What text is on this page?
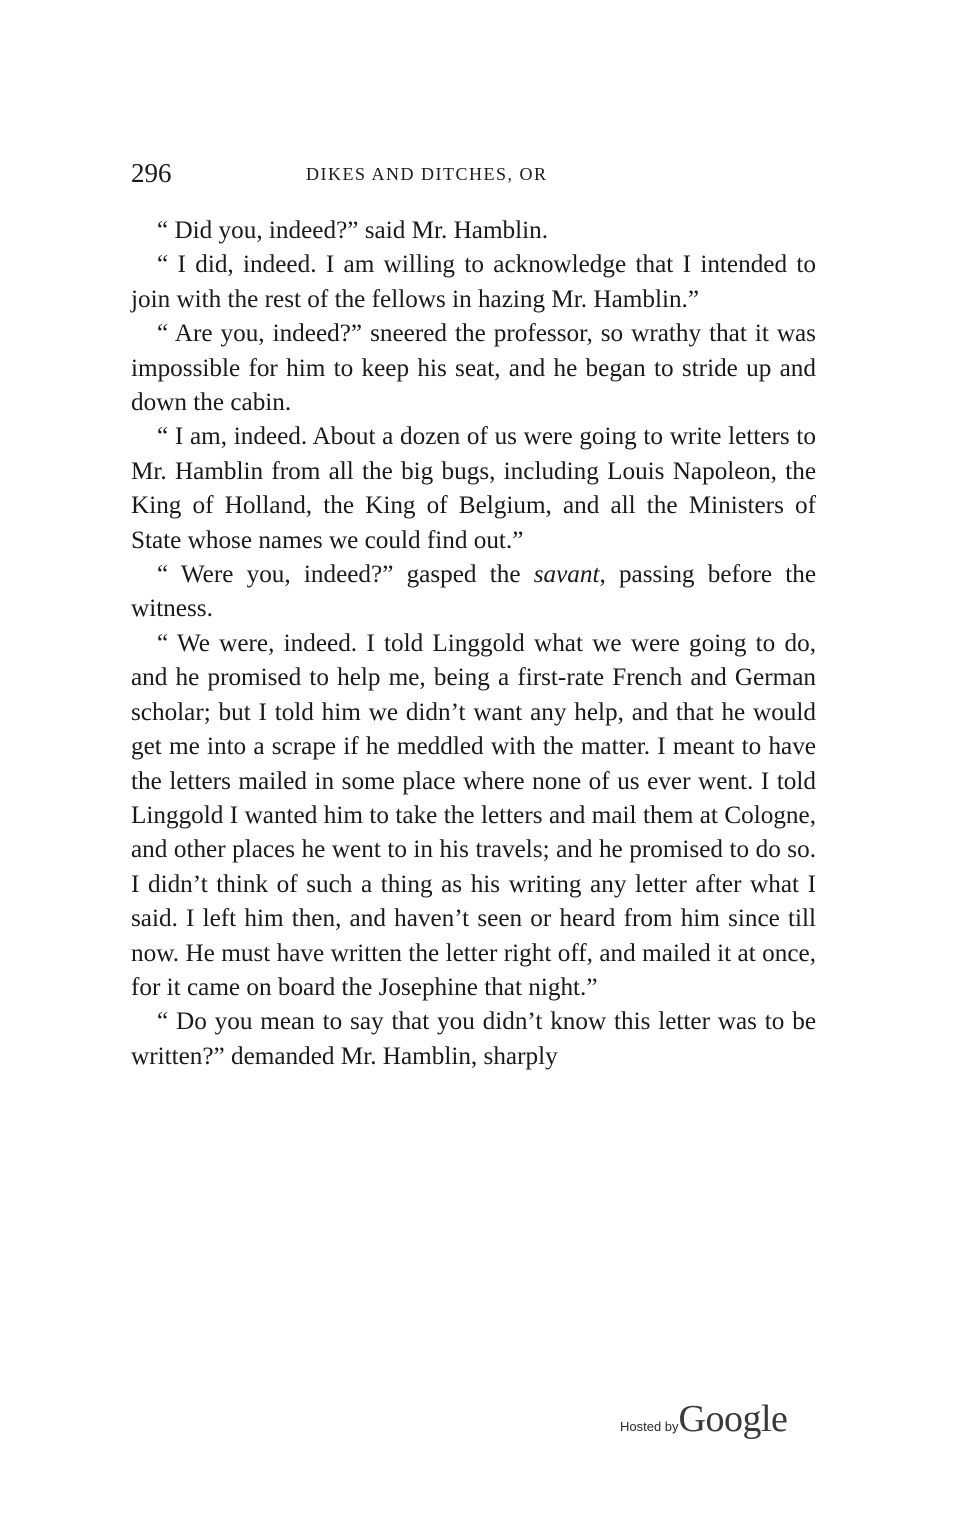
296	DIKES AND DITCHES, OR

“ Did you, indeed?” said Mr. Hamblin.

“ I did, indeed. I am willing to acknowledge that I intended to join with the rest of the fellows in hazing Mr. Hamblin.”

“ Are you, indeed?” sneered the professor, so wrathy that it was impossible for him to keep his seat, and he began to stride up and down the cabin.

“ I am, indeed. About a dozen of us were going to write letters to Mr. Hamblin from all the big bugs, including Louis Napoleon, the King of Holland, the King of Belgium, and all the Ministers of State whose names we could find out.”

“ Were you, indeed?” gasped the savant, passing before the witness.

“ We were, indeed. I told Linggold what we were going to do, and he promised to help me, being a first-rate French and German scholar; but I told him we didn’t want any help, and that he would get me into a scrape if he meddled with the matter. I meant to have the letters mailed in some place where none of us ever went. I told Linggold I wanted him to take the letters and mail them at Cologne, and other places he went to in his travels; and he promised to do so. I didn’t think of such a thing as his writing any letter after what I said. I left him then, and haven’t seen or heard from him since till now. He must have written the letter right off, and mailed it at once, for it came on board the Josephine that night.”

“ Do you mean to say that you didn’t know this letter was to be written?” demanded Mr. Hamblin, sharply

Hosted byGoogle
